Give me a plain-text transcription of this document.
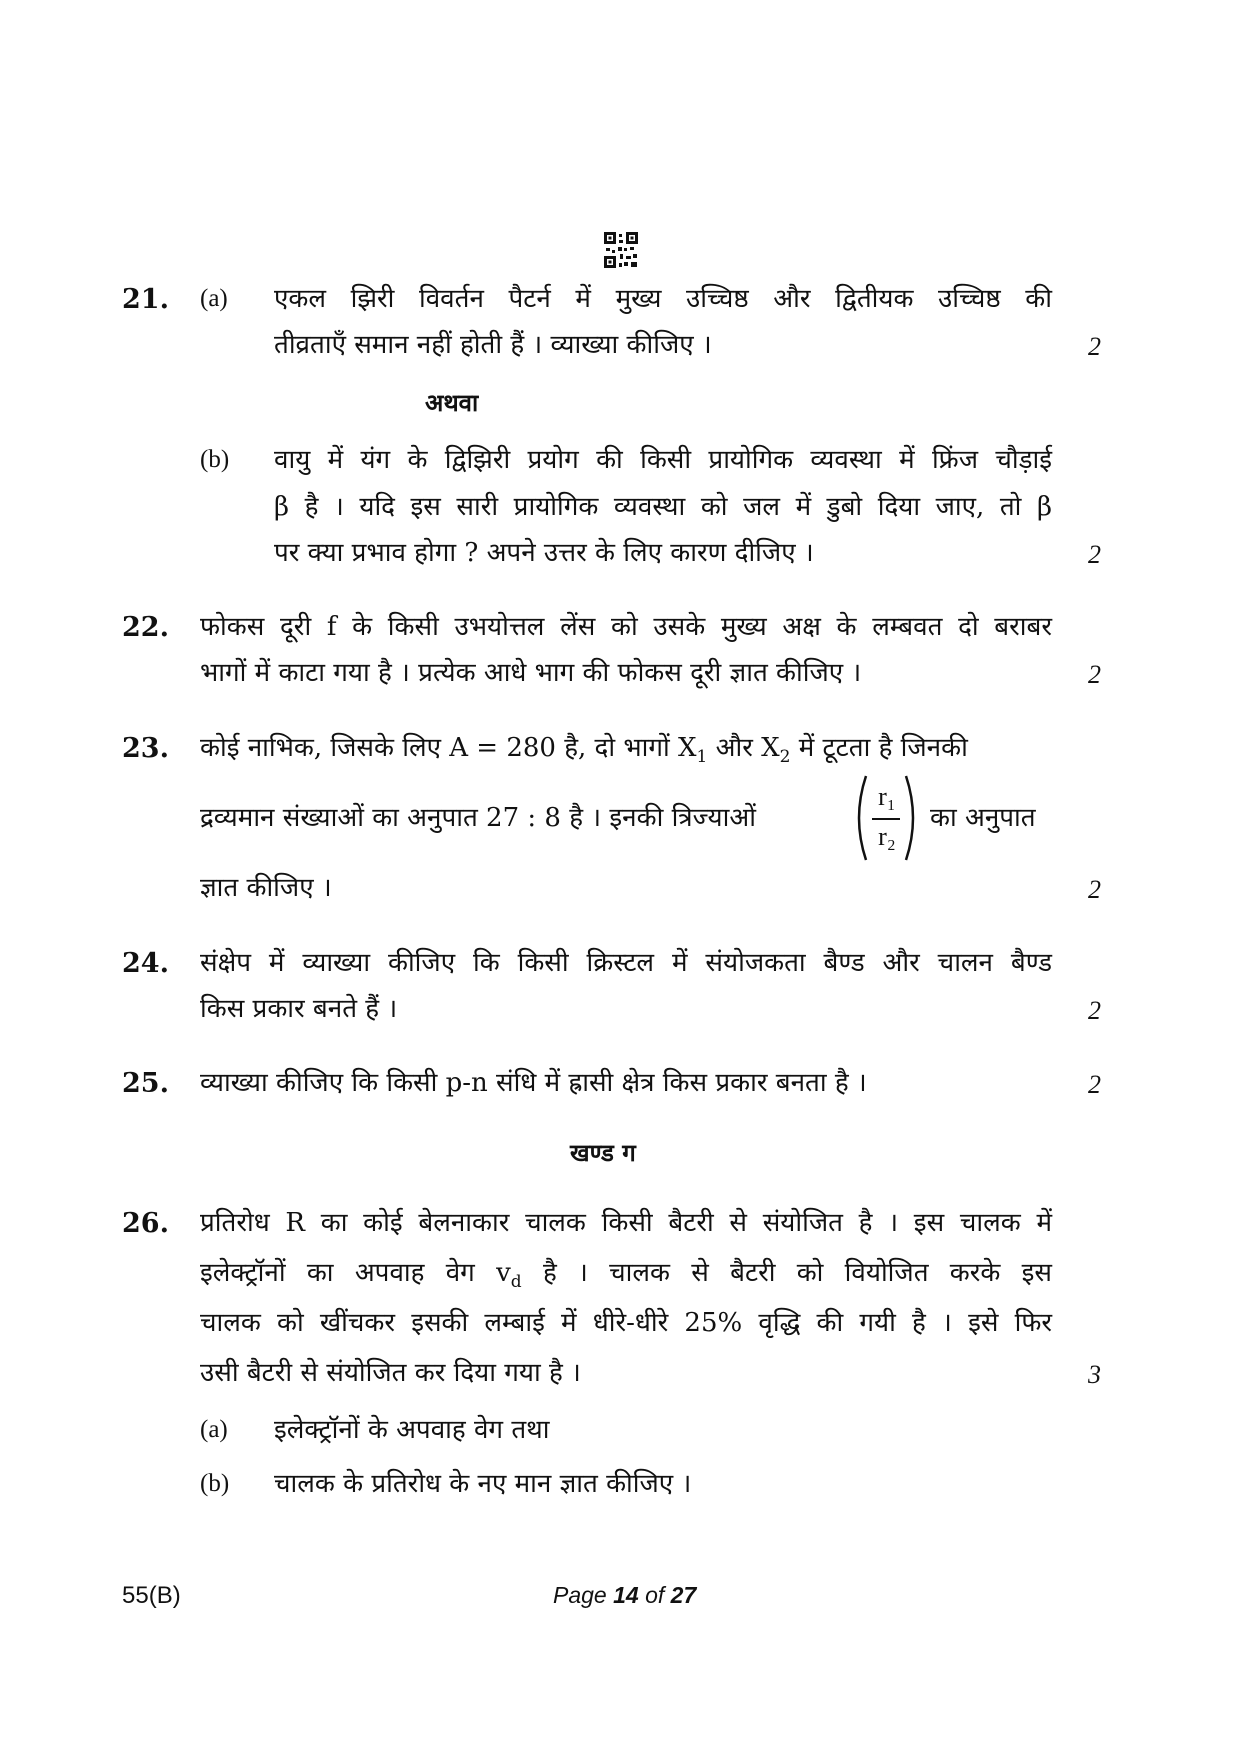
21. (a) एकल झिरी विवर्तन पैटर्न में मुख्य उच्चिष्ठ और द्वितीयक उच्चिष्ठ की
तीव्रताएँ समान नहीं होती हैं । व्याख्या कीजिए ।	2
अथवा
(b) वायु में यंग के द्विझिरी प्रयोग की किसी प्रायोगिक व्यवस्था में फ्रिंज चौड़ाई
β है । यदि इस सारी प्रायोगिक व्यवस्था को जल में डुबो दिया जाए, तो β
पर क्या प्रभाव होगा ? अपने उत्तर के लिए कारण दीजिए ।	2
22. फोकस दूरी f के किसी उभयोत्तल लेंस को उसके मुख्य अक्ष के लम्बवत दो बराबर
भागों में काटा गया है । प्रत्येक आधे भाग की फोकस दूरी ज्ञात कीजिए ।	2
23. कोई नाभिक, जिसके लिए A = 280 है, दो भागों $X_1$ और $X_2$ में टूटता है जिनकी
द्रव्यमान संख्याओं का अनुपात 27 : 8 है । इनकी त्रिज्याओं
r₁
r₂
का अनुपात
ज्ञात कीजिए ।	2
24. संक्षेप में व्याख्या कीजिए कि किसी क्रिस्टल में संयोजकता बैण्ड और चालन बैण्ड
किस प्रकार बनते हैं ।	2
25. व्याख्या कीजिए कि किसी p-n संधि में ह्रासी क्षेत्र किस प्रकार बनता है ।	2
खण्ड ग
26. प्रतिरोध R का कोई बेलनाकार चालक किसी बैटरी से संयोजित है । इस चालक में
इलेक्ट्रॉनों का अपवाह वेग $v_d$ है । चालक से बैटरी को वियोजित करके इस
चालक को खींचकर इसकी लम्बाई में धीरे-धीरे 25% वृद्धि की गयी है । इसे फिर
उसी बैटरी से संयोजित कर दिया गया है ।	3
(a) इलेक्ट्रॉनों के अपवाह वेग तथा
(b) चालक के प्रतिरोध के नए मान ज्ञात कीजिए ।
55(B)	Page 14 of 27
